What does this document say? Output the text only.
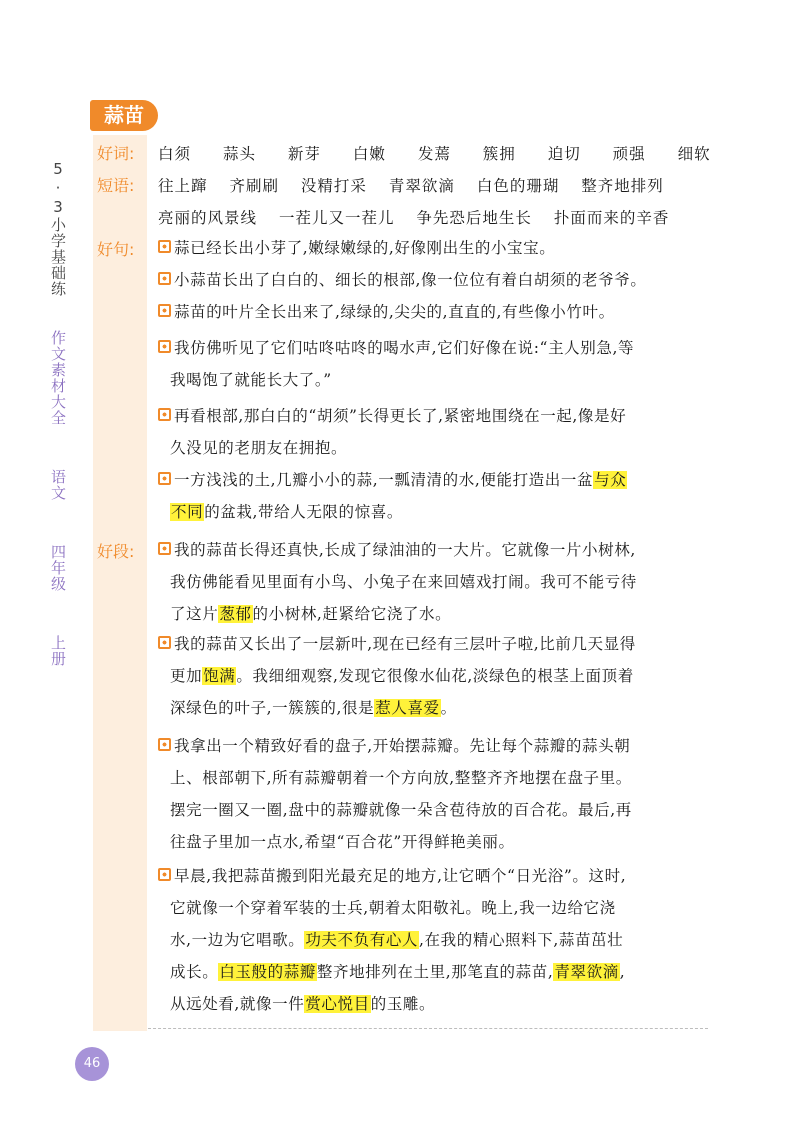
5·3小学基础练 作文素材大全 语文 四年级 上册
蒜苗
好词:	白须 蒜头 新芽 白嫩 发蔫 簇拥 迫切 顽强 细软
短语:	往上蹿 齐刷刷 没精打采 青翠欲滴 白色的珊瑚 整齐地排列
亮丽的风景线 一茬儿又一茬儿 争先恐后地生长 扑面而来的辛香
好句:	蒜已经长出小芽了,嫩绿嫩绿的,好像刚出生的小宝宝。
小蒜苗长出了白白的、细长的根部,像一位位有着白胡须的老爷爷。
蒜苗的叶片全长出来了,绿绿的,尖尖的,直直的,有些像小竹叶。
我仿佛听见了它们咕咚咕咚的喝水声,它们好像在说:“主人别急,等
我喝饱了就能长大了。”
再看根部,那白白的“胡须”长得更长了,紧密地围绕在一起,像是好
久没见的老朋友在拥抱。
一方浅浅的土,几瓣小小的蒜,一瓢清清的水,便能打造出一盆与众
不同的盆栽,带给人无限的惊喜。
好段:	我的蒜苗长得还真快,长成了绿油油的一大片。它就像一片小树林,
我仿佛能看见里面有小鸟、小兔子在来回嬉戏打闹。我可不能亏待
了这片葱郁的小树林,赶紧给它浇了水。
我的蒜苗又长出了一层新叶,现在已经有三层叶子啦,比前几天显得
更加饱满。我细细观察,发现它很像水仙花,淡绿色的根茎上面顶着
深绿色的叶子,一簇簇的,很是惹人喜爱。
我拿出一个精致好看的盘子,开始摆蒜瓣。先让每个蒜瓣的蒜头朝
上、根部朝下,所有蒜瓣朝着一个方向放,整整齐齐地摆在盘子里。
摆完一圈又一圈,盘中的蒜瓣就像一朵含苞待放的百合花。最后,再
往盘子里加一点水,希望“百合花”开得鲜艳美丽。
早晨,我把蒜苗搬到阳光最充足的地方,让它晒个“日光浴”。这时,
它就像一个穿着军装的士兵,朝着太阳敬礼。晚上,我一边给它浇
水,一边为它唱歌。功夫不负有心人,在我的精心照料下,蒜苗茁壮
成长。白玉般的蒜瓣整齐地排列在土里,那笔直的蒜苗,青翠欲滴,
从远处看,就像一件赏心悦目的玉雕。
46
